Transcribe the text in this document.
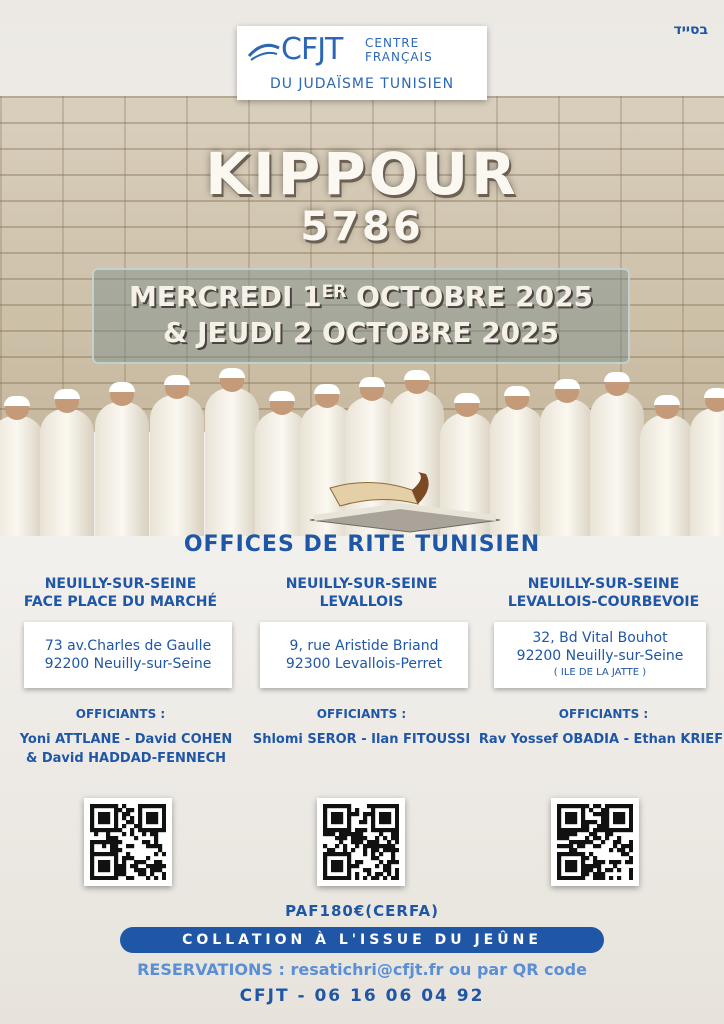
בסייד
CFJT CENTRE
FRANÇAIS
DU JUDAÏSME TUNISIEN
KIPPOUR
5786
MERCREDI 1ER OCTOBRE 2025
& JEUDI 2 OCTOBRE 2025
OFFICES DE RITE TUNISIEN
NEUILLY-SUR-SEINE
FACE PLACE DU MARCHÉ
73 av.Charles de Gaulle
92200 Neuilly-sur-Seine
OFFICIANTS :
Yoni ATTLANE - David COHEN
& David HADDAD-FENNECH
NEUILLY-SUR-SEINE
LEVALLOIS
9, rue Aristide Briand
92300 Levallois-Perret
OFFICIANTS :
Shlomi SEROR - Ilan FITOUSSI
NEUILLY-SUR-SEINE
LEVALLOIS-COURBEVOIE
32, Bd Vital Bouhot
92200 Neuilly-sur-Seine
( ILE DE LA JATTE )
OFFICIANTS :
Rav Yossef OBADIA - Ethan KRIEF
PAF180€(CERFA)
COLLATION À L'ISSUE DU JEÛNE
RESERVATIONS : resatichri@cfjt.fr ou par QR code
CFJT - 06 16 06 04 92
